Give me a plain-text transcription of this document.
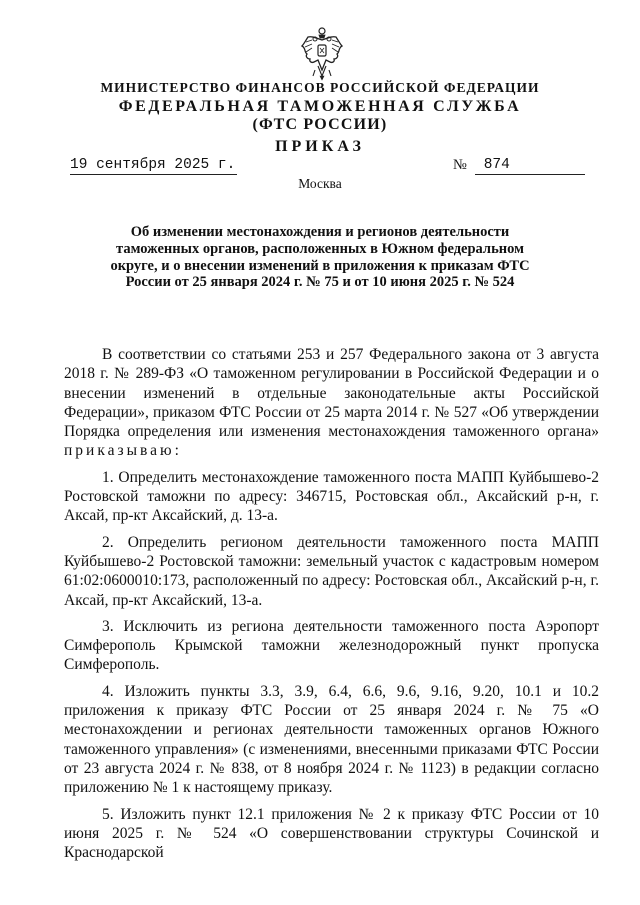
МИНИСТЕРСТВО ФИНАНСОВ РОССИЙСКОЙ ФЕДЕРАЦИИ
ФЕДЕРАЛЬНАЯ ТАМОЖЕННАЯ СЛУЖБА
(ФТС РОССИИ)
ПРИКАЗ
19 сентября 2025 г.	№	874
Москва
Об изменении местонахождения и регионов деятельности таможенных органов, расположенных в Южном федеральном округе, и о внесении изменений в приложения к приказам ФТС России от 25 января 2024 г. № 75 и от 10 июня 2025 г. № 524

В соответствии со статьями 253 и 257 Федерального закона от 3 августа 2018 г. № 289-ФЗ «О таможенном регулировании в Российской Федерации и о внесении изменений в отдельные законодательные акты Российской Федерации», приказом ФТС России от 25 марта 2014 г. № 527 «Об утверждении Порядка определения или изменения местонахождения таможенного органа» приказываю:

1. Определить местонахождение таможенного поста МАПП Куйбышево-2 Ростовской таможни по адресу: 346715, Ростовская обл., Аксайский р-н, г. Аксай, пр-кт Аксайский, д. 13-а.

2. Определить регионом деятельности таможенного поста МАПП Куйбышево-2 Ростовской таможни: земельный участок с кадастровым номером 61:02:0600010:173, расположенный по адресу: Ростовская обл., Аксайский р-н, г. Аксай, пр-кт Аксайский, 13-а.

3. Исключить из региона деятельности таможенного поста Аэропорт Симферополь Крымской таможни железнодорожный пункт пропуска Симферополь.

4. Изложить пункты 3.3, 3.9, 6.4, 6.6, 9.6, 9.16, 9.20, 10.1 и 10.2 приложения к приказу ФТС России от 25 января 2024 г. № 75 «О местонахождении и регионах деятельности таможенных органов Южного таможенного управления» (с изменениями, внесенными приказами ФТС России от 23 августа 2024 г. № 838, от 8 ноября 2024 г. № 1123) в редакции согласно приложению № 1 к настоящему приказу.

5. Изложить пункт 12.1 приложения № 2 к приказу ФТС России от 10 июня 2025 г. № 524 «О совершенствовании структуры Сочинской и Краснодарской
